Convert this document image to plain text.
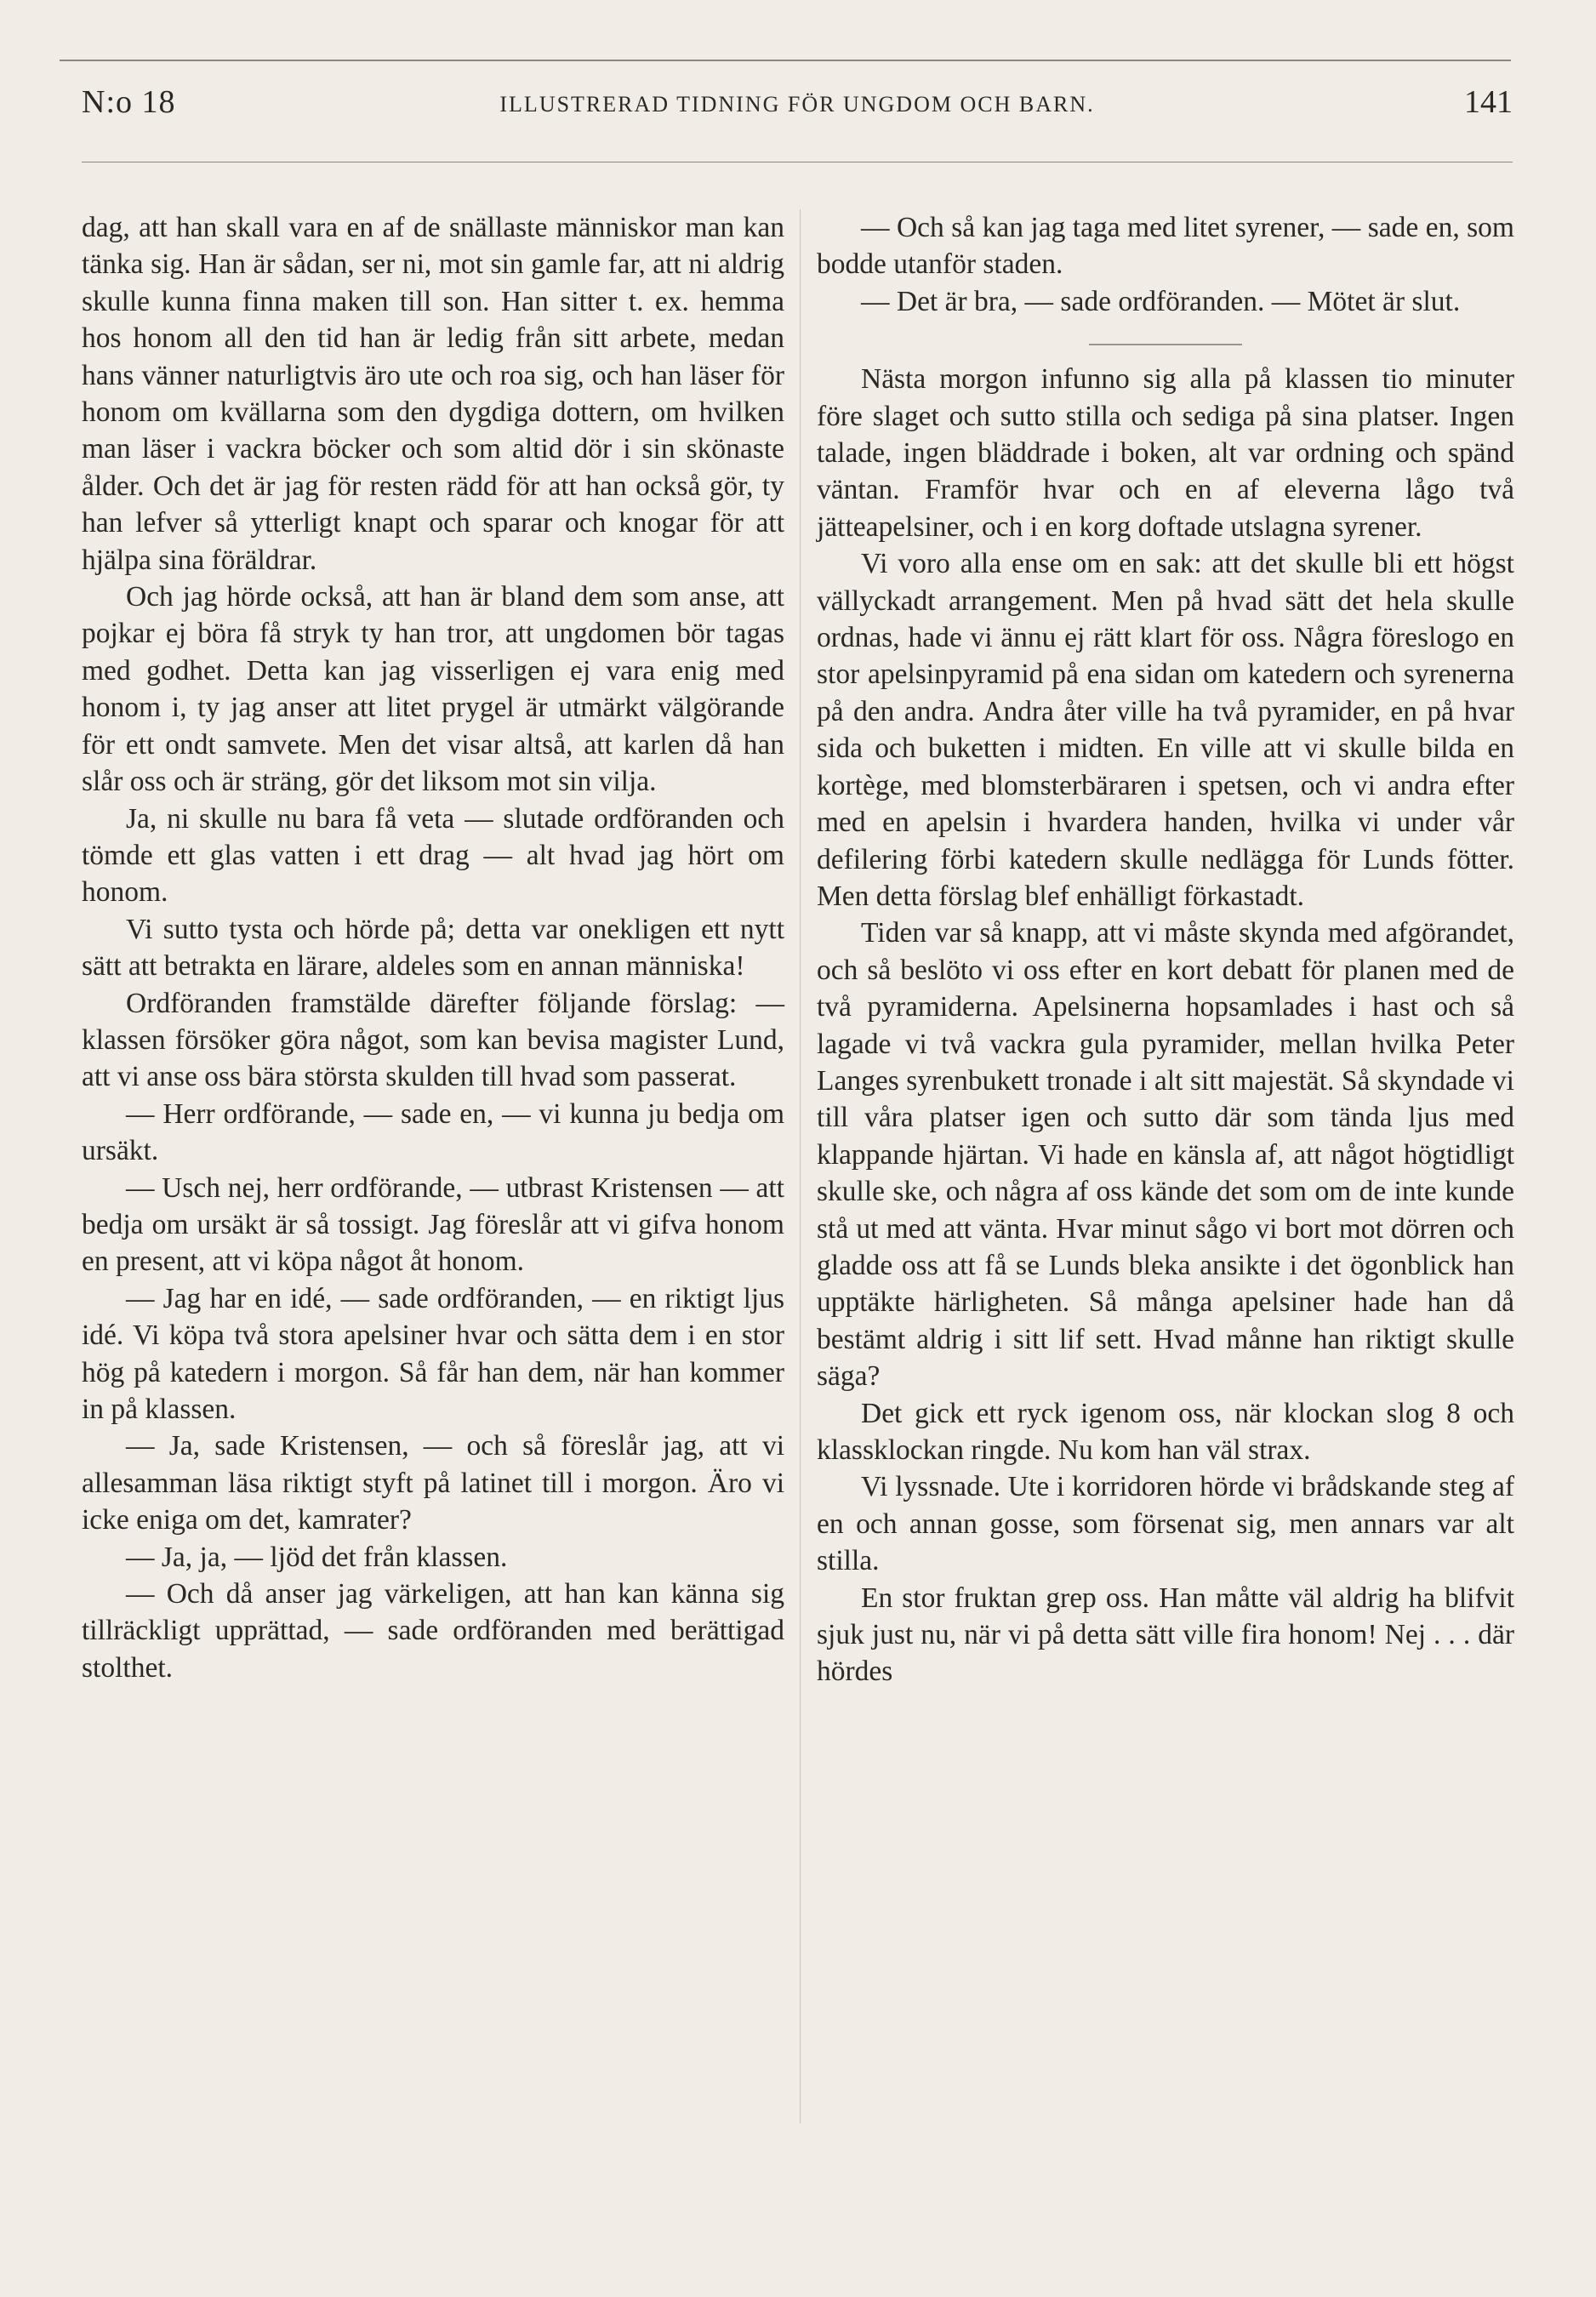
N:o 18	ILLUSTRERAD TIDNING FÖR UNGDOM OCH BARN.	141

dag, att han skall vara en af de snällaste människor man kan tänka sig. Han är sådan, ser ni, mot sin gamle far, att ni aldrig skulle kunna finna maken till son. Han sitter t. ex. hemma hos honom all den tid han är ledig från sitt arbete, medan hans vänner naturligtvis äro ute och roa sig, och han läser för honom om kvällarna som den dygdiga dottern, om hvilken man läser i vackra böcker och som altid dör i sin skönaste ålder. Och det är jag för resten rädd för att han också gör, ty han lefver så ytterligt knapt och sparar och knogar för att hjälpa sina föräldrar.

Och jag hörde också, att han är bland dem som anse, att pojkar ej böra få stryk ty han tror, att ungdomen bör tagas med godhet. Detta kan jag visserligen ej vara enig med honom i, ty jag anser att litet prygel är utmärkt välgörande för ett ondt samvete. Men det visar altså, att karlen då han slår oss och är sträng, gör det liksom mot sin vilja.

Ja, ni skulle nu bara få veta — slutade ordföranden och tömde ett glas vatten i ett drag — alt hvad jag hört om honom.

Vi sutto tysta och hörde på; detta var onekligen ett nytt sätt att betrakta en lärare, aldeles som en annan människa!

Ordföranden framstälde därefter följande förslag: — klassen försöker göra något, som kan bevisa magister Lund, att vi anse oss bära största skulden till hvad som passerat.

— Herr ordförande, — sade en, — vi kunna ju bedja om ursäkt.

— Usch nej, herr ordförande, — utbrast Kristensen — att bedja om ursäkt är så tossigt. Jag föreslår att vi gifva honom en present, att vi köpa något åt honom.

— Jag har en idé, — sade ordföranden, — en riktigt ljus idé. Vi köpa två stora apelsiner hvar och sätta dem i en stor hög på katedern i morgon. Så får han dem, när han kommer in på klassen.

— Ja, sade Kristensen, — och så föreslår jag, att vi allesamman läsa riktigt styft på latinet till i morgon. Äro vi icke eniga om det, kamrater?

— Ja, ja, — ljöd det från klassen.

— Och då anser jag värkeligen, att han kan känna sig tillräckligt upprättad, — sade ordföranden med berättigad stolthet.

— Och så kan jag taga med litet syrener, — sade en, som bodde utanför staden.

— Det är bra, — sade ordföranden. — Mötet är slut.

Nästa morgon infunno sig alla på klassen tio minuter före slaget och sutto stilla och sediga på sina platser. Ingen talade, ingen bläddrade i boken, alt var ordning och spänd väntan. Framför hvar och en af eleverna lågo två jätteapelsiner, och i en korg doftade utslagna syrener.

Vi voro alla ense om en sak: att det skulle bli ett högst vällyckadt arrangement. Men på hvad sätt det hela skulle ordnas, hade vi ännu ej rätt klart för oss. Några föreslogo en stor apelsinpyramid på ena sidan om katedern och syrenerna på den andra. Andra åter ville ha två pyramider, en på hvar sida och buketten i midten. En ville att vi skulle bilda en kortège, med blomsterbäraren i spetsen, och vi andra efter med en apelsin i hvardera handen, hvilka vi under vår defilering förbi katedern skulle nedlägga för Lunds fötter. Men detta förslag blef enhälligt förkastadt.

Tiden var så knapp, att vi måste skynda med afgörandet, och så beslöto vi oss efter en kort debatt för planen med de två pyramiderna. Apelsinerna hopsamlades i hast och så lagade vi två vackra gula pyramider, mellan hvilka Peter Langes syrenbukett tronade i alt sitt majestät. Så skyndade vi till våra platser igen och sutto där som tända ljus med klappande hjärtan. Vi hade en känsla af, att något högtidligt skulle ske, och några af oss kände det som om de inte kunde stå ut med att vänta. Hvar minut sågo vi bort mot dörren och gladde oss att få se Lunds bleka ansikte i det ögonblick han upptäkte härligheten. Så många apelsiner hade han då bestämt aldrig i sitt lif sett. Hvad månne han riktigt skulle säga?

Det gick ett ryck igenom oss, när klockan slog 8 och klassklockan ringde. Nu kom han väl strax.

Vi lyssnade. Ute i korridoren hörde vi brådskande steg af en och annan gosse, som försenat sig, men annars var alt stilla.

En stor fruktan grep oss. Han måtte väl aldrig ha blifvit sjuk just nu, när vi på detta sätt ville fira honom! Nej . . . där hördes
